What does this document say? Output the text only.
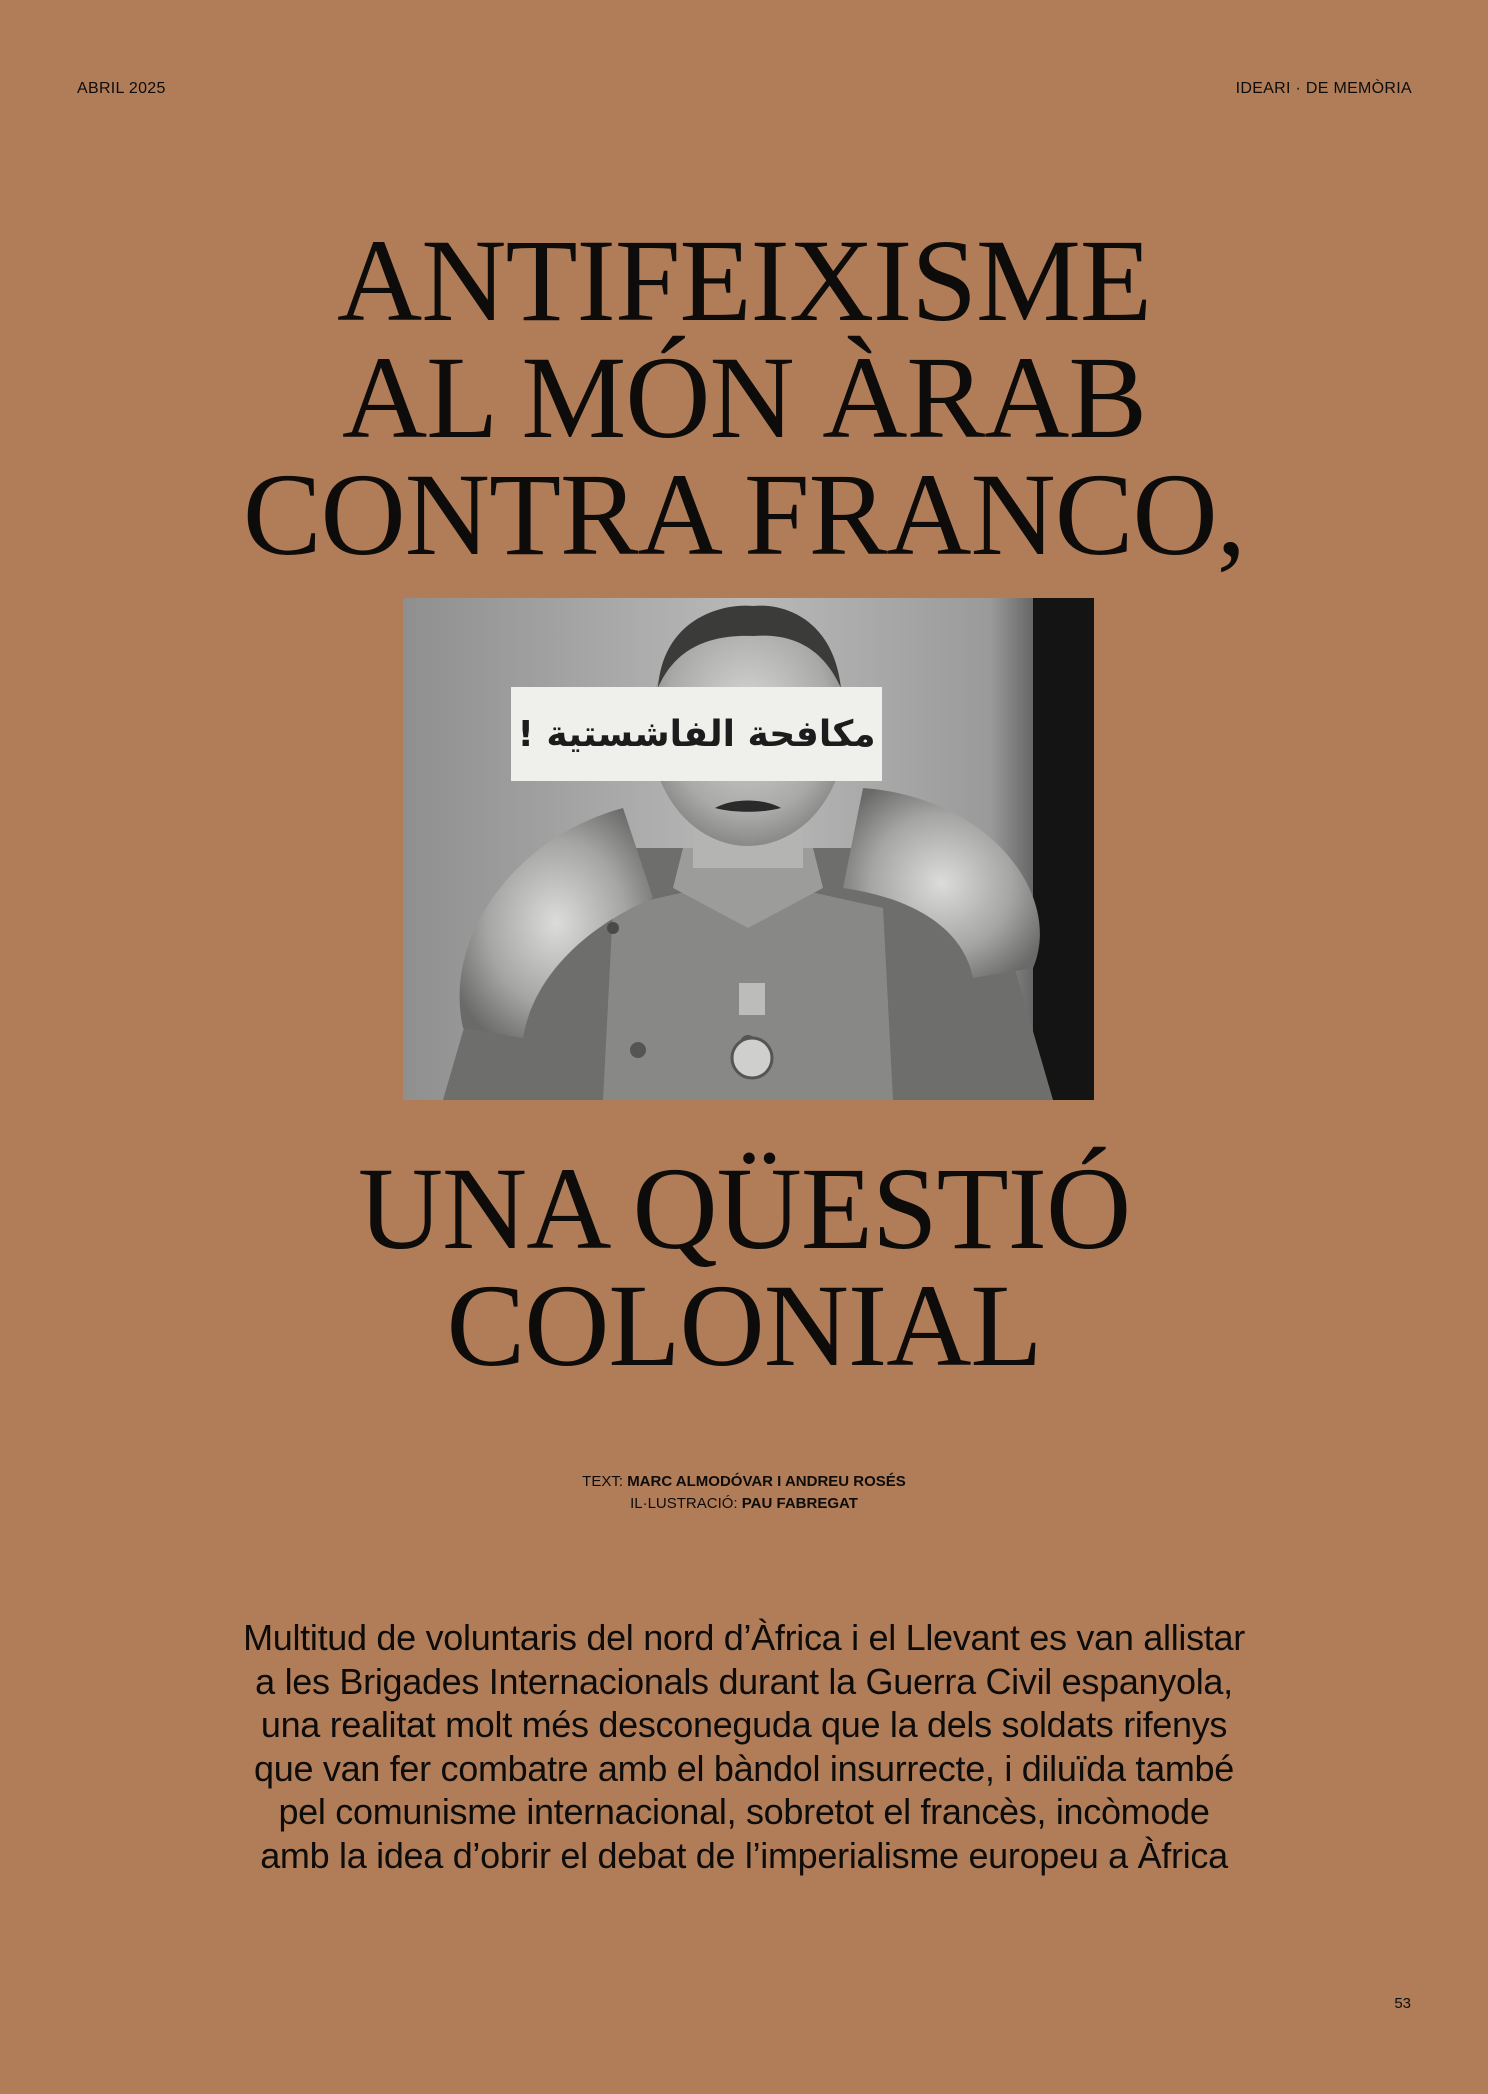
ABRIL 2025	IDEARI · DE MEMÒRIA
ANTIFEIXISME
AL MÓN ÀRAB
CONTRA FRANCO,
مكافحة الفاشستية !
UNA QÜESTIÓ
COLONIAL
TEXT: MARC ALMODÓVAR I ANDREU ROSÉS
IL·LUSTRACIÓ: PAU FABREGAT
Multitud de voluntaris del nord d’Àfrica i el Llevant es van allistar
a les Brigades Internacionals durant la Guerra Civil espanyola,
una realitat molt més desconeguda que la dels soldats rifenys
que van fer combatre amb el bàndol insurrecte, i diluïda també
pel comunisme internacional, sobretot el francès, incòmode
amb la idea d’obrir el debat de l’imperialisme europeu a Àfrica
53
